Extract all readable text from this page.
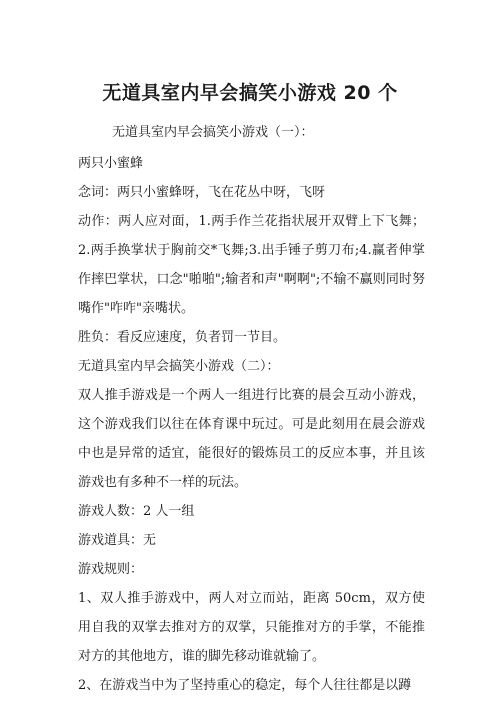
无道具室内早会搞笑小游戏 20 个

无道具室内早会搞笑小游戏（一）：

两只小蜜蜂

念词：两只小蜜蜂呀，飞在花丛中呀，飞呀

动作：两人应对面，1.两手作兰花指状展开双臂上下飞舞；2.两手换掌状于胸前交*飞舞;3.出手锤子剪刀布;4.赢者伸掌作摔巴掌状，口念"啪啪";输者和声"啊啊";不输不赢则同时努嘴作"咋咋"亲嘴状。

胜负：看反应速度，负者罚一节目。

无道具室内早会搞笑小游戏（二）：

双人推手游戏是一个两人一组进行比赛的晨会互动小游戏，这个游戏我们以往在体育课中玩过。可是此刻用在晨会游戏中也是异常的适宜，能很好的锻炼员工的反应本事，并且该游戏也有多种不一样的玩法。

游戏人数：2 人一组

游戏道具：无

游戏规则：

1、双人推手游戏中，两人对立而站，距离 50cm，双方使用自我的双掌去推对方的双掌，只能推对方的手掌，不能推对方的其他地方，谁的脚先移动谁就输了。

2、在游戏当中为了坚持重心的稳定，每个人往往都是以蹲
